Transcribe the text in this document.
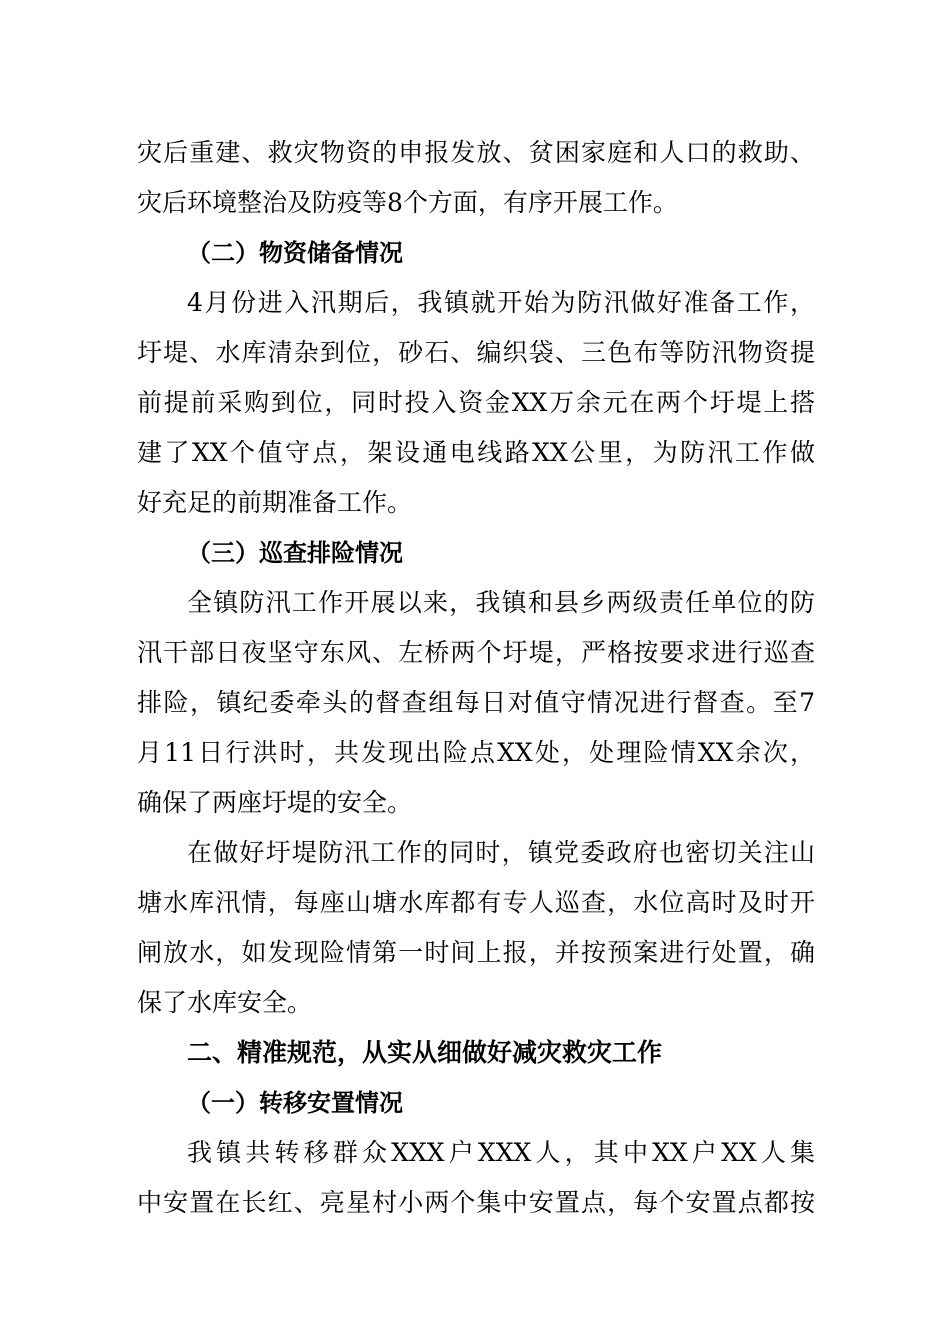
灾后重建、救灾物资的申报发放、贫困家庭和人口的救助、
灾后环境整治及防疫等8个方面，有序开展工作。
（二）物资储备情况
4月份进入汛期后，我镇就开始为防汛做好准备工作，
圩堤、水库清杂到位，砂石、编织袋、三色布等防汛物资提
前提前采购到位，同时投入资金XX万余元在两个圩堤上搭
建了XX个值守点，架设通电线路XX公里，为防汛工作做
好充足的前期准备工作。
（三）巡查排险情况
全镇防汛工作开展以来，我镇和县乡两级责任单位的防
汛干部日夜坚守东风、左桥两个圩堤，严格按要求进行巡查
排险，镇纪委牵头的督查组每日对值守情况进行督查。至7
月11日行洪时，共发现出险点XX处，处理险情XX余次，
确保了两座圩堤的安全。
在做好圩堤防汛工作的同时，镇党委政府也密切关注山
塘水库汛情，每座山塘水库都有专人巡查，水位高时及时开
闸放水，如发现险情第一时间上报，并按预案进行处置，确
保了水库安全。
二、精准规范，从实从细做好减灾救灾工作
（一）转移安置情况
我镇共转移群众XXX户XXX人，其中XX户XX人集
中安置在长红、亮星村小两个集中安置点，每个安置点都按
